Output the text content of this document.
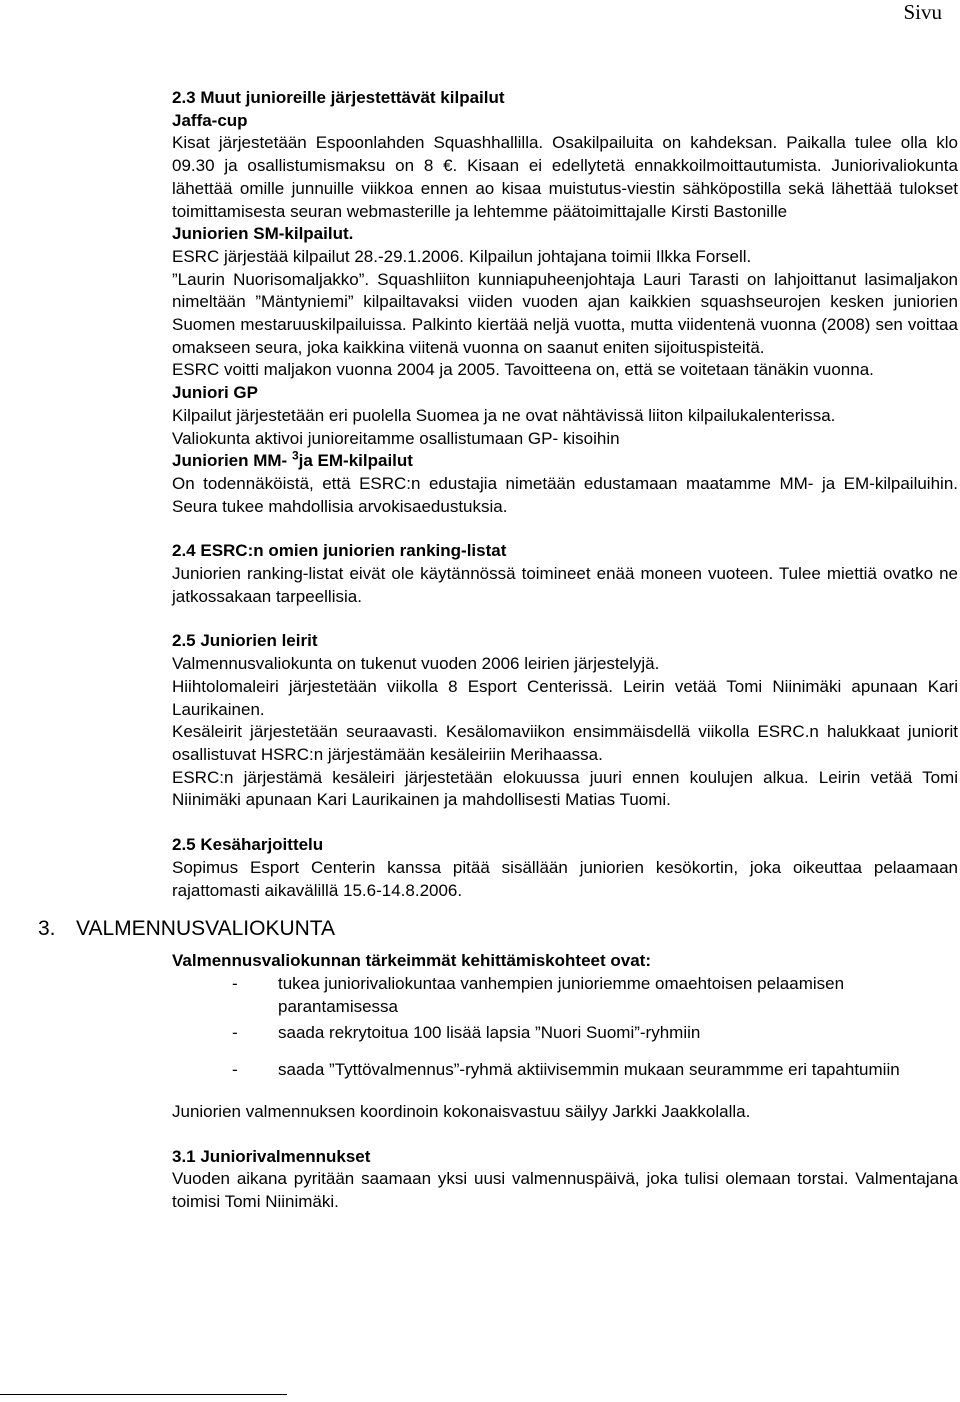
Sivu
2.3 Muut junioreille järjestettävät kilpailut
Jaffa-cup
Kisat järjestetään Espoonlahden Squashhallilla. Osakilpailuita on kahdeksan. Paikalla tulee olla klo 09.30 ja osallistumismaksu on 8 €. Kisaan ei edellytetä ennakkoilmoittautumista. Juniorivaliokunta lähettää omille junnuille viikkoa ennen ao kisaa muistutus-viestin sähköpostilla sekä lähettää tulokset toimittamisesta seuran webmasterille ja lehtemme päätoimittajalle Kirsti Bastonille
Juniorien SM-kilpailut.
ESRC järjestää kilpailut 28.-29.1.2006. Kilpailun johtajana toimii Ilkka Forsell.
”Laurin Nuorisomaljakko”. Squashliiton kunniapuheenjohtaja Lauri Tarasti on lahjoittanut lasimaljakon nimeltään ”Mäntyniemi” kilpailtavaksi viiden vuoden ajan kaikkien squashseurojen kesken juniorien Suomen mestaruuskilpailuissa. Palkinto kiertää neljä vuotta, mutta viidentenä vuonna (2008) sen voittaa omakseen seura, joka kaikkina viitenä vuonna on saanut eniten sijoituspisteitä.
ESRC voitti maljakon vuonna 2004 ja 2005. Tavoitteena on, että se voitetaan tänäkin vuonna.
Juniori GP
Kilpailut järjestetään eri puolella Suomea ja ne ovat nähtävissä liiton kilpailukalenterissa.
Valiokunta aktivoi junioreitamme osallistumaan GP- kisoihin
Juniorien MM- $^3$ja EM-kilpailut
On todennäköistä, että ESRC:n edustajia nimetään edustamaan maatamme MM- ja EM-kilpailuihin. Seura tukee mahdollisia arvokisaedustuksia.
2.4 ESRC:n omien juniorien ranking-listat
Juniorien ranking-listat eivät ole käytännössä toimineet enää moneen vuoteen. Tulee miettiä ovatko ne jatkossakaan tarpeellisia.
2.5 Juniorien leirit
Valmennusvaliokunta on tukenut vuoden 2006 leirien järjestelyjä.
Hiihtolomaleiri järjestetään viikolla 8 Esport Centerissä. Leirin vetää Tomi Niinimäki apunaan Kari Laurikainen.
Kesäleirit järjestetään seuraavasti. Kesälomaviikon ensimmäisdellä viikolla ESRC.n halukkaat juniorit osallistuvat HSRC:n järjestämään kesäleiriin Merihaassa.
ESRC:n järjestämä kesäleiri järjestetään elokuussa juuri ennen koulujen alkua. Leirin vetää Tomi Niinimäki apunaan Kari Laurikainen ja mahdollisesti Matias Tuomi.
2.5 Kesäharjoittelu
Sopimus Esport Centerin kanssa pitää sisällään juniorien kesökortin, joka oikeuttaa pelaamaan rajattomasti aikavälillä 15.6-14.8.2006.
3. VALMENNUSVALIOKUNTA
Valmennusvaliokunnan tärkeimmät kehittämiskohteet ovat:
- tukea juniorivaliokuntaa vanhempien junioriemme omaehtoisen pelaamisen parantamisessa
- saada rekrytoitua 100 lisää lapsia ”Nuori Suomi”-ryhmiin
- saada ”Tyttövalmennus”-ryhmä aktiivisemmin mukaan seurammme eri tapahtumiin
Juniorien valmennuksen koordinoin kokonaisvastuu säilyy Jarkki Jaakkolalla.
3.1 Juniorivalmennukset
Vuoden aikana pyritään saamaan yksi uusi valmennuspäivä, joka tulisi olemaan torstai. Valmentajana toimisi Tomi Niinimäki.
